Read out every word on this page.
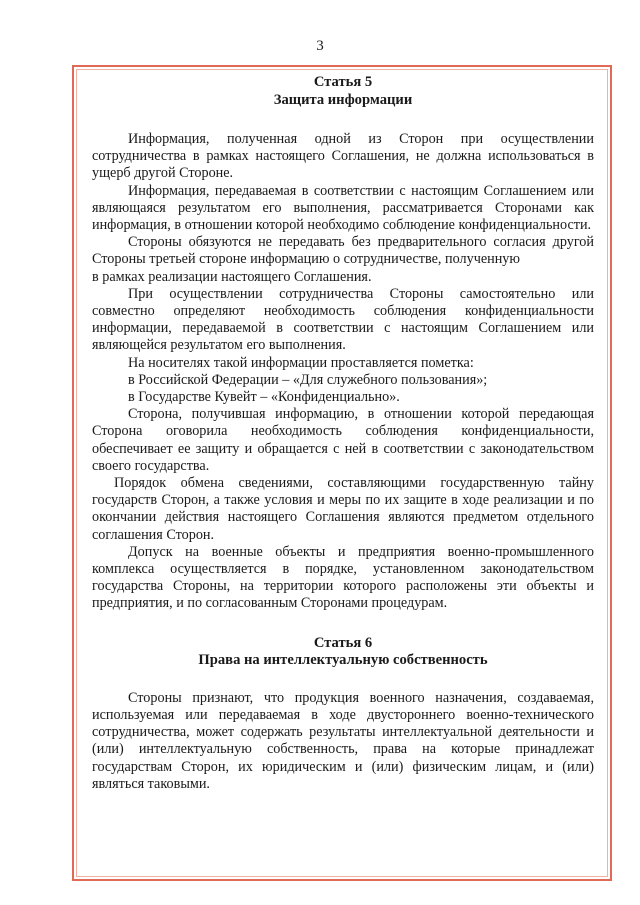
3
Статья 5
Защита информации

Информация, полученная одной из Сторон при осуществлении сотрудничества в рамках настоящего Соглашения, не должна использоваться в ущерб другой Стороне.

Информация, передаваемая в соответствии с настоящим Соглашением или являющаяся результатом его выполнения, рассматривается Сторонами как информация, в отношении которой необходимо соблюдение конфиденциальности.

Стороны обязуются не передавать без предварительного согласия другой Стороны третьей стороне информацию о сотрудничестве, полученную

в рамках реализации настоящего Соглашения.

При осуществлении сотрудничества Стороны самостоятельно или совместно определяют необходимость соблюдения конфиденциальности информации, передаваемой в соответствии с настоящим Соглашением или являющейся результатом его выполнения.

На носителях такой информации проставляется пометка:

в Российской Федерации – «Для служебного пользования»;

в Государстве Кувейт – «Конфиденциально».

Сторона, получившая информацию, в отношении которой передающая Сторона оговорила необходимость соблюдения конфиденциальности, обеспечивает ее защиту и обращается с ней в соответствии с законодательством своего государства.

Порядок обмена сведениями, составляющими государственную тайну государств Сторон, а также условия и меры по их защите в ходе реализации и по окончании действия настоящего Соглашения являются предметом отдельного соглашения Сторон.

Допуск на военные объекты и предприятия военно-промышленного комплекса осуществляется в порядке, установленном законодательством государства Стороны, на территории которого расположены эти объекты и предприятия, и по согласованным Сторонами процедурам.

Статья 6
Права на интеллектуальную собственность

Стороны признают, что продукция военного назначения, создаваемая, используемая или передаваемая в ходе двустороннего военно-технического сотрудничества, может содержать результаты интеллектуальной деятельности и (или) интеллектуальную собственность, права на которые принадлежат государствам Сторон, их юридическим и (или) физическим лицам, и (или) являться таковыми.
